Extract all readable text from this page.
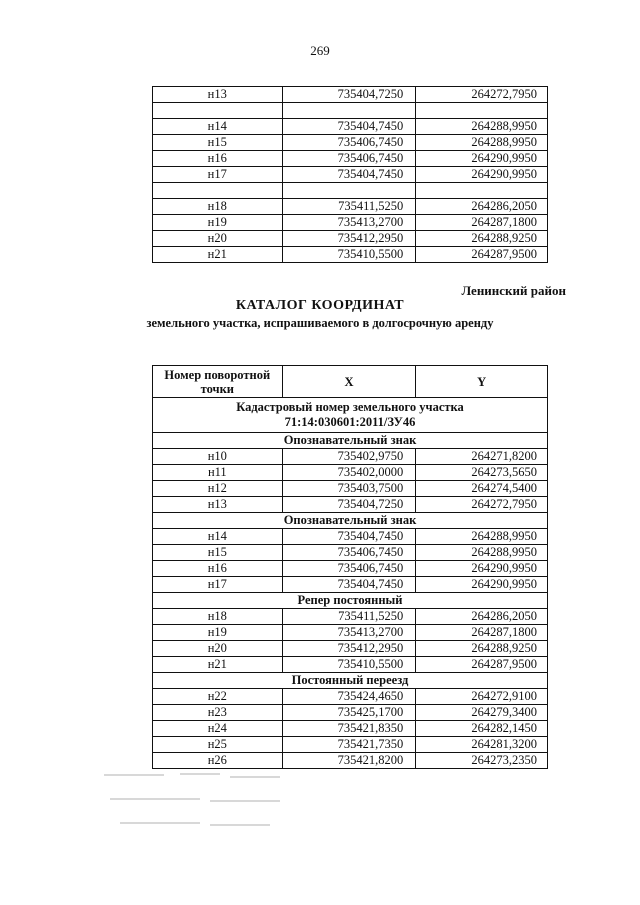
269
н13	735404,7250	264272,7950

н14	735404,7450	264288,9950
н15	735406,7450	264288,9950
н16	735406,7450	264290,9950
н17	735404,7450	264290,9950

н18	735411,5250	264286,2050
н19	735413,2700	264287,1800
н20	735412,2950	264288,9250
н21	735410,5500	264287,9500
Ленинский район
КАТАЛОГ КООРДИНАТ
земельного участка, испрашиваемого в долгосрочную аренду
Номер поворотной точки	X	Y
Кадастровый номер земельного участка
71:14:030601:2011/ЗУ46		
Опознавательный знак		
н10	735402,9750	264271,8200
н11	735402,0000	264273,5650
н12	735403,7500	264274,5400
н13	735404,7250	264272,7950
Опознавательный знак		
н14	735404,7450	264288,9950
н15	735406,7450	264288,9950
н16	735406,7450	264290,9950
н17	735404,7450	264290,9950
Репер постоянный		
н18	735411,5250	264286,2050
н19	735413,2700	264287,1800
н20	735412,2950	264288,9250
н21	735410,5500	264287,9500
Постоянный переезд		
н22	735424,4650	264272,9100
н23	735425,1700	264279,3400
н24	735421,8350	264282,1450
н25	735421,7350	264281,3200
н26	735421,8200	264273,2350
